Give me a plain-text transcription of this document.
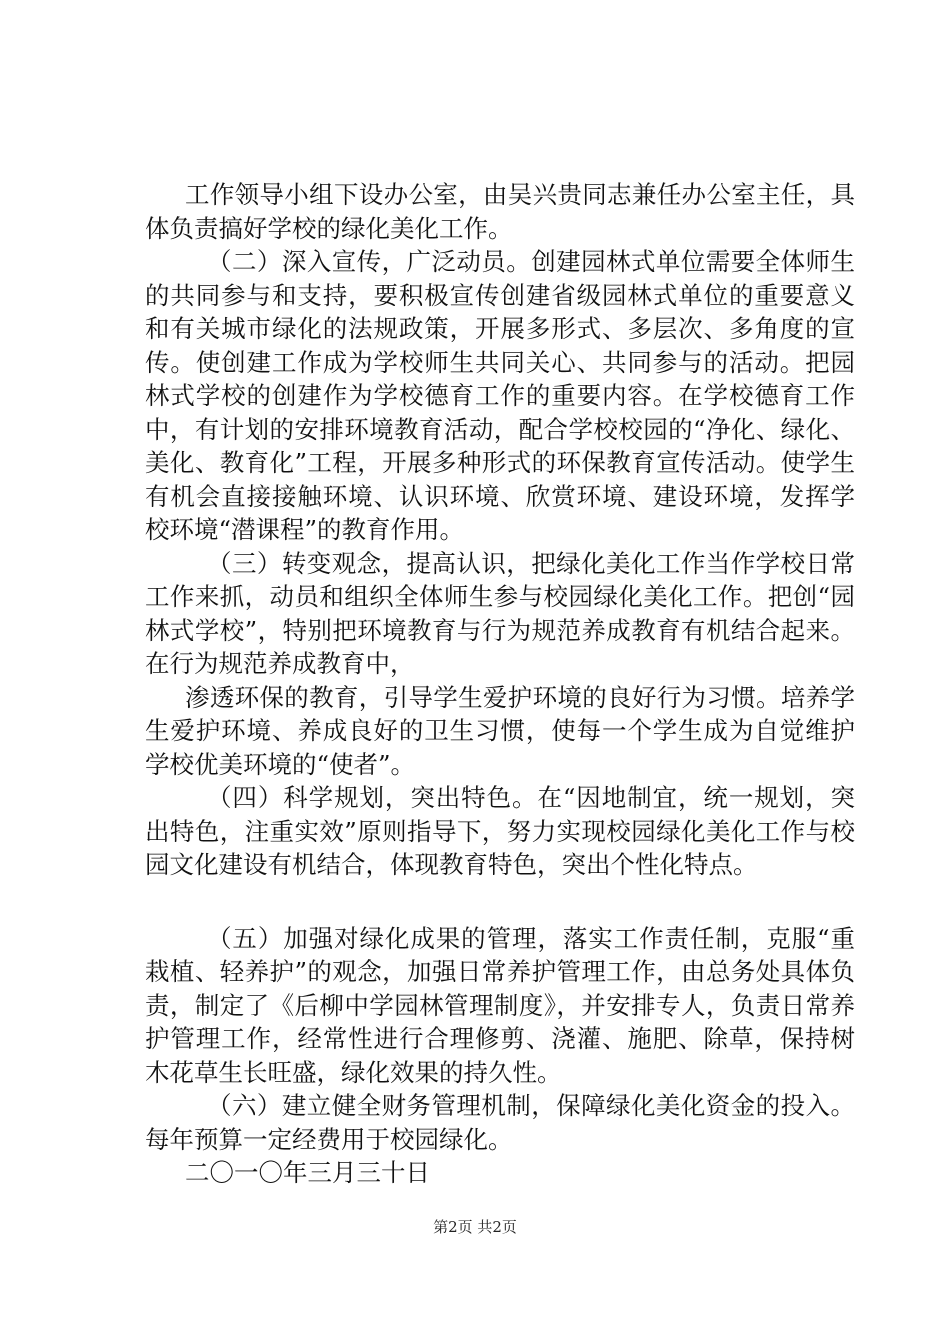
工作领导小组下设办公室，由吴兴贵同志兼任办公室主任，具体负责搞好学校的绿化美化工作。

（二）深入宣传，广泛动员。创建园林式单位需要全体师生的共同参与和支持，要积极宣传创建省级园林式单位的重要意义和有关城市绿化的法规政策，开展多形式、多层次、多角度的宣传。使创建工作成为学校师生共同关心、共同参与的活动。把园林式学校的创建作为学校德育工作的重要内容。在学校德育工作中，有计划的安排环境教育活动，配合学校校园的“净化、绿化、美化、教育化”工程，开展多种形式的环保教育宣传活动。使学生有机会直接接触环境、认识环境、欣赏环境、建设环境，发挥学校环境“潜课程”的教育作用。

（三）转变观念，提高认识，把绿化美化工作当作学校日常工作来抓，动员和组织全体师生参与校园绿化美化工作。把创“园林式学校”，特别把环境教育与行为规范养成教育有机结合起来。在行为规范养成教育中，

渗透环保的教育，引导学生爱护环境的良好行为习惯。培养学生爱护环境、养成良好的卫生习惯，使每一个学生成为自觉维护学校优美环境的“使者”。

（四）科学规划，突出特色。在“因地制宜，统一规划，突出特色，注重实效”原则指导下，努力实现校园绿化美化工作与校园文化建设有机结合，体现教育特色，突出个性化特点。

（五）加强对绿化成果的管理，落实工作责任制，克服“重栽植、轻养护”的观念，加强日常养护管理工作，由总务处具体负责，制定了《后柳中学园林管理制度》，并安排专人，负责日常养护管理工作，经常性进行合理修剪、浇灌、施肥、除草，保持树木花草生长旺盛，绿化效果的持久性。

（六）建立健全财务管理机制，保障绿化美化资金的投入。每年预算一定经费用于校园绿化。

二〇一〇年三月三十日

第2页 共2页
